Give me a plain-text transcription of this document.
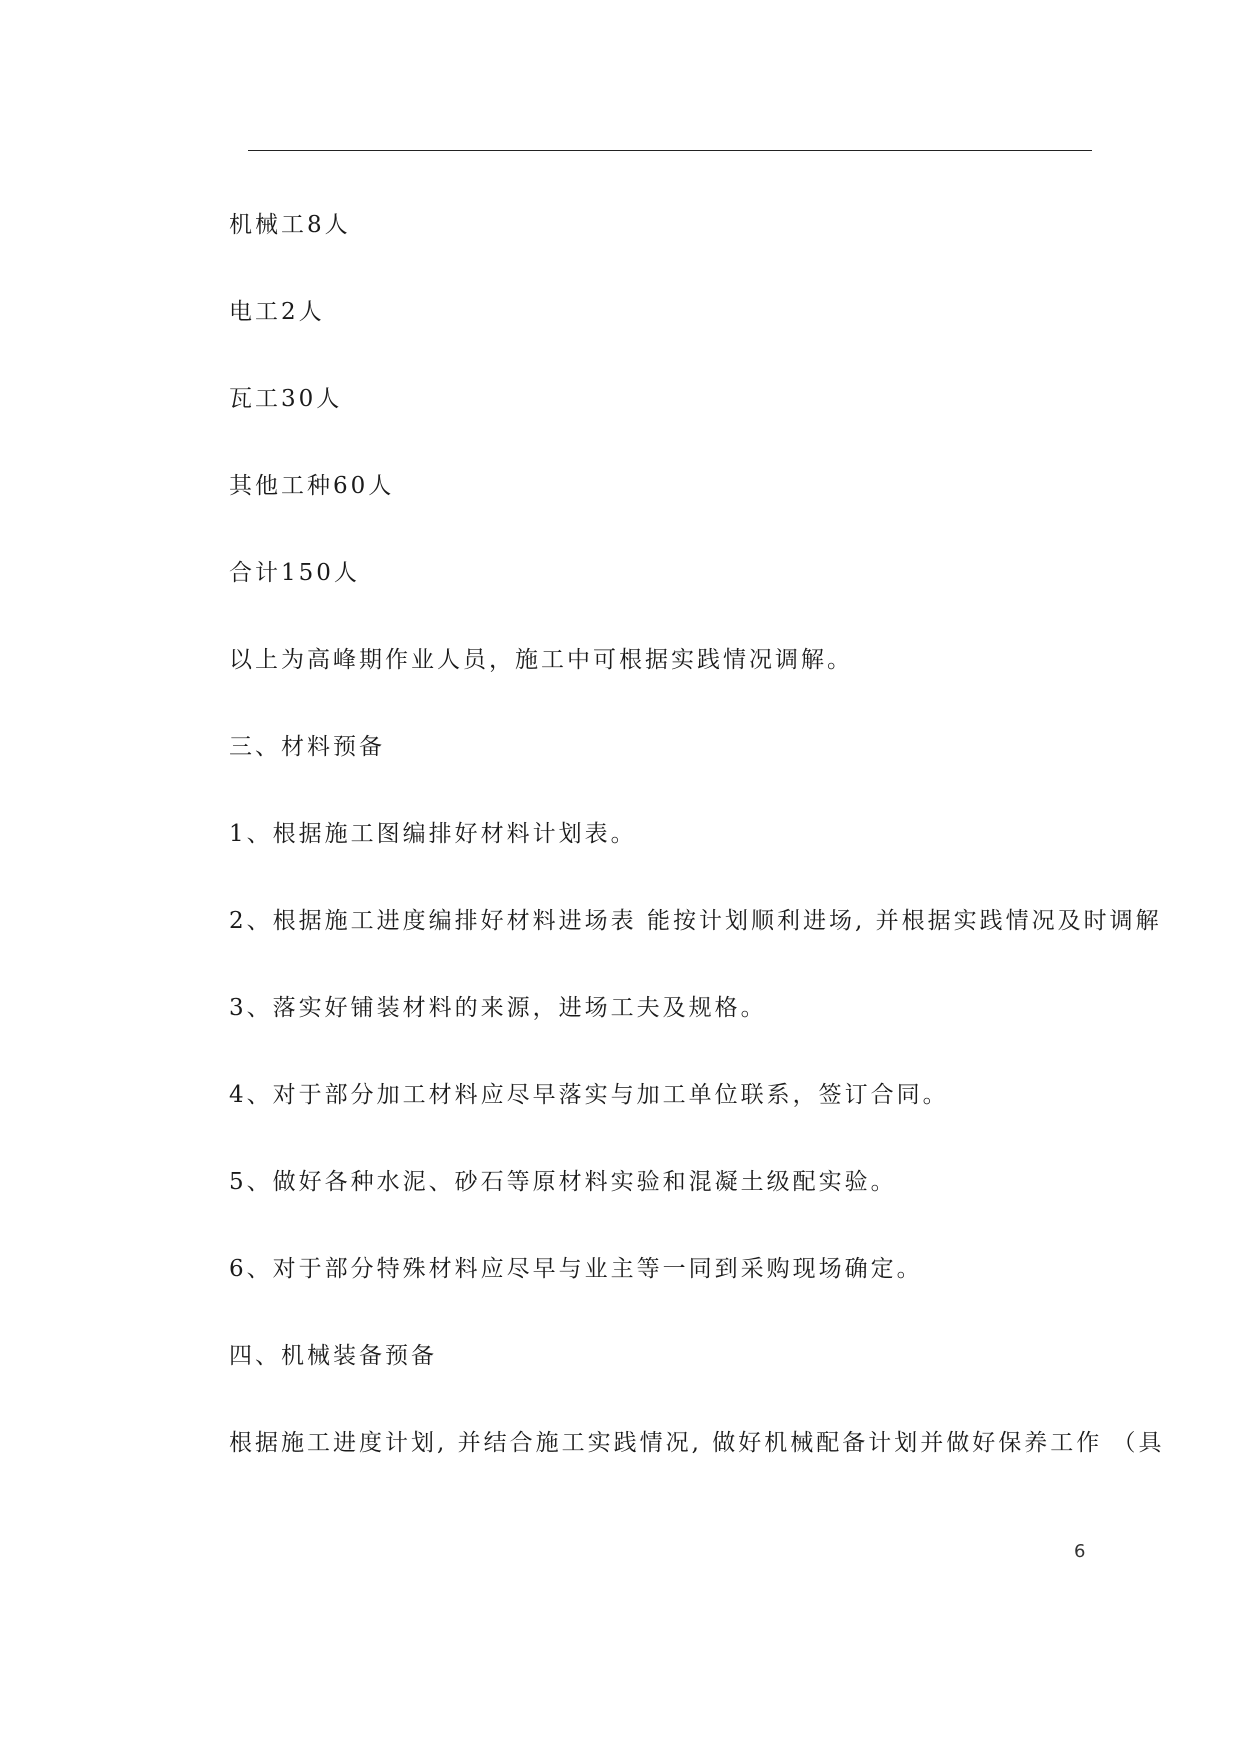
机械工8人
电工2人
瓦工30人
其他工种60人
合计150人
以上为高峰期作业人员，施工中可根据实践情况调解。
三、材料预备
1、根据施工图编排好材料计划表。
2、根据施工进度编排好材料进场表 能按计划顺利进场, 并根据实践情况及时调解
3、落实好铺装材料的来源，进场工夫及规格。
4、对于部分加工材料应尽早落实与加工单位联系，签订合同。
5、做好各种水泥、砂石等原材料实验和混凝土级配实验。
6、对于部分特殊材料应尽早与业主等一同到采购现场确定。
四、机械装备预备
根据施工进度计划, 并结合施工实践情况, 做好机械配备计划并做好保养工作 （具
6
